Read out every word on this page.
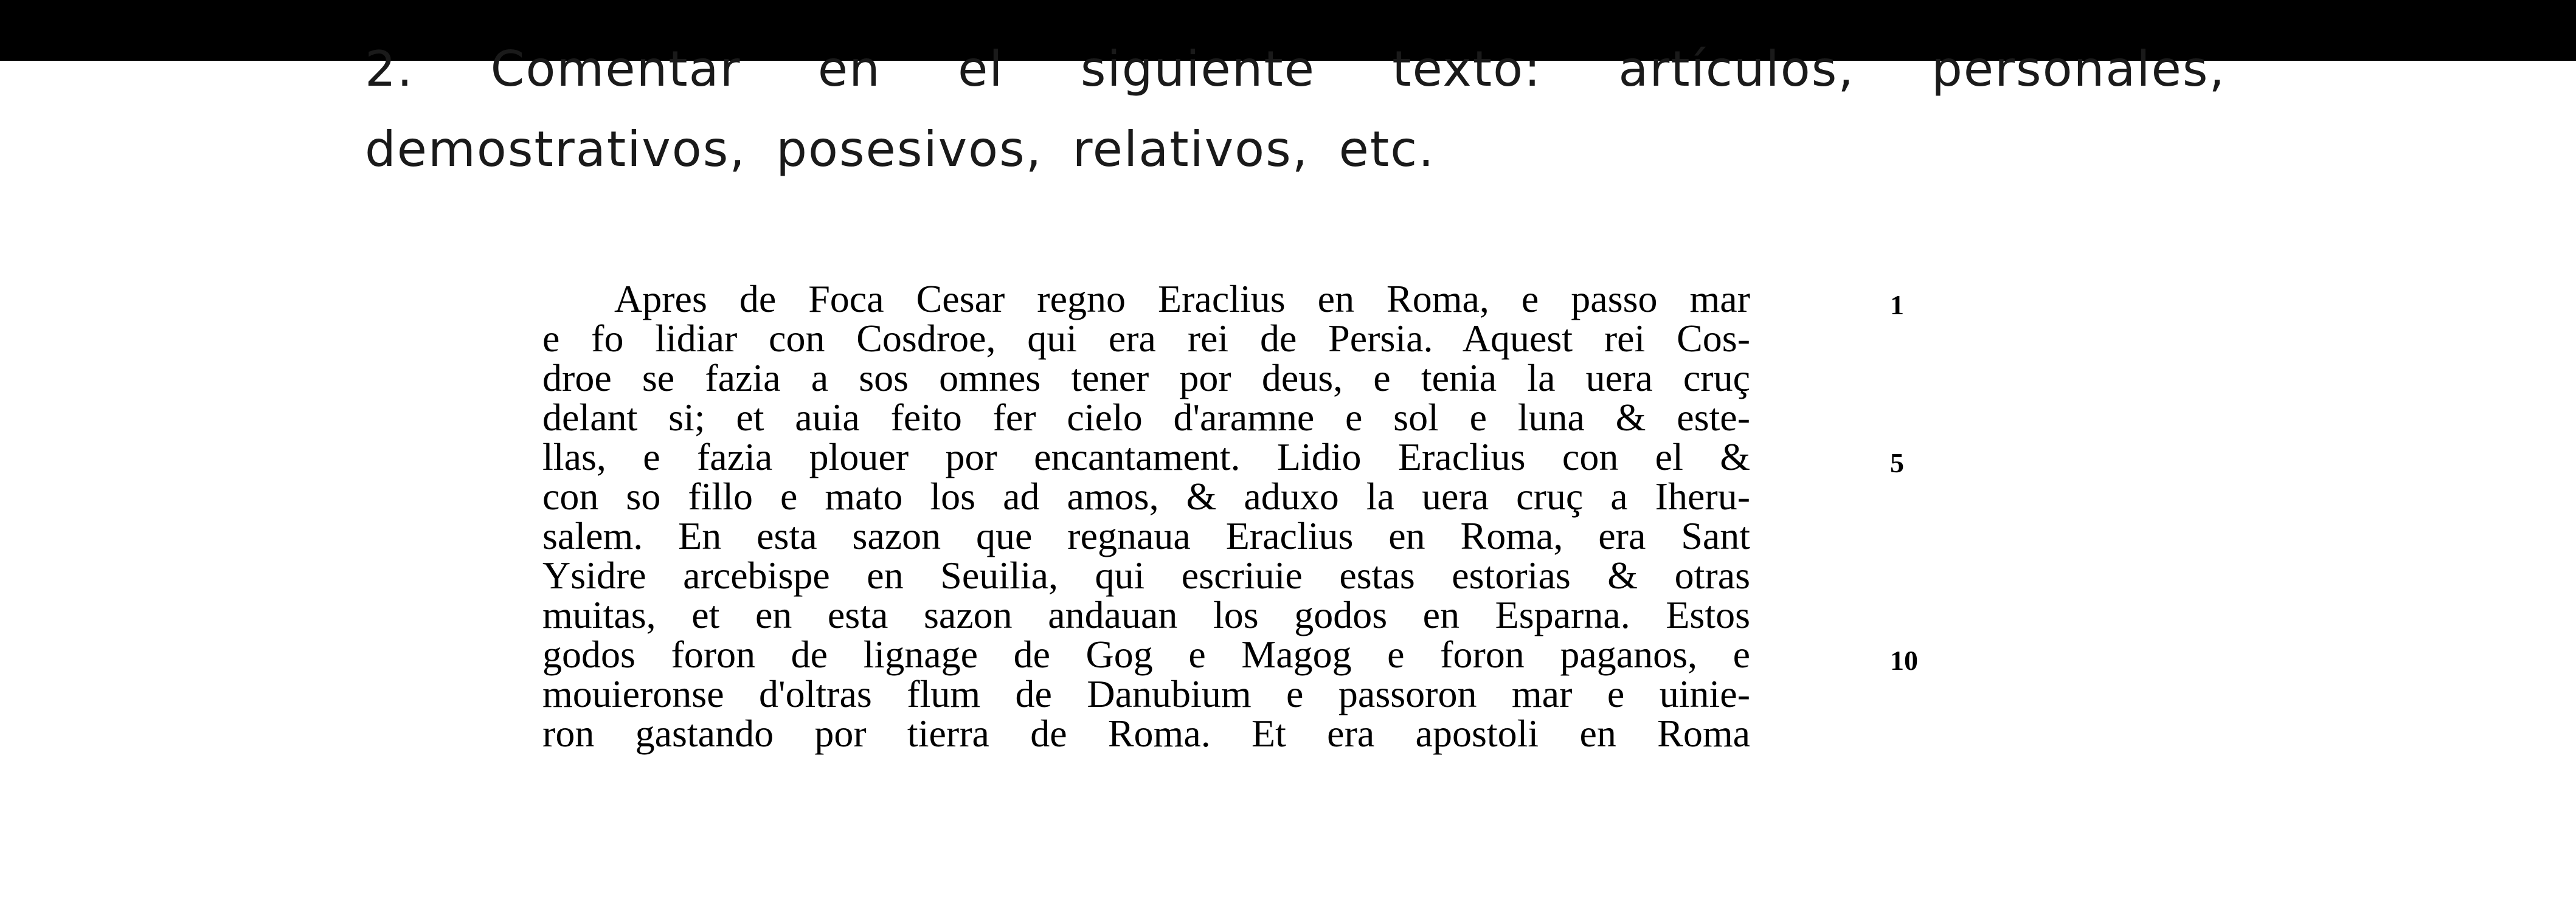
2. Comentar en el siguiente texto: artículos, personales,
demostrativos, posesivos, relativos, etc.
Apres de Foca Cesar regno Eraclius en Roma, e passo mar
e fo lidiar con Cosdroe, qui era rei de Persia. Aquest rei Cos-
droe se fazia a sos omnes tener por deus, e tenia la uera cruç
delant si; et auia feito fer cielo d'aramne e sol e luna & este-
llas, e fazia plouer por encantament. Lidio Eraclius con el &
con so fillo e mato los ad amos, & aduxo la uera cruç a Iheru-
salem. En esta sazon que regnaua Eraclius en Roma, era Sant
Ysidre arcebispe en Seuilia, qui escriuie estas estorias & otras
muitas, et en esta sazon andauan los godos en Esparna. Estos
godos foron de lignage de Gog e Magog e foron paganos, e
mouieronse d'oltras flum de Danubium e passoron mar e uinie-
ron gastando por tierra de Roma. Et era apostoli en Roma
1
5
10
